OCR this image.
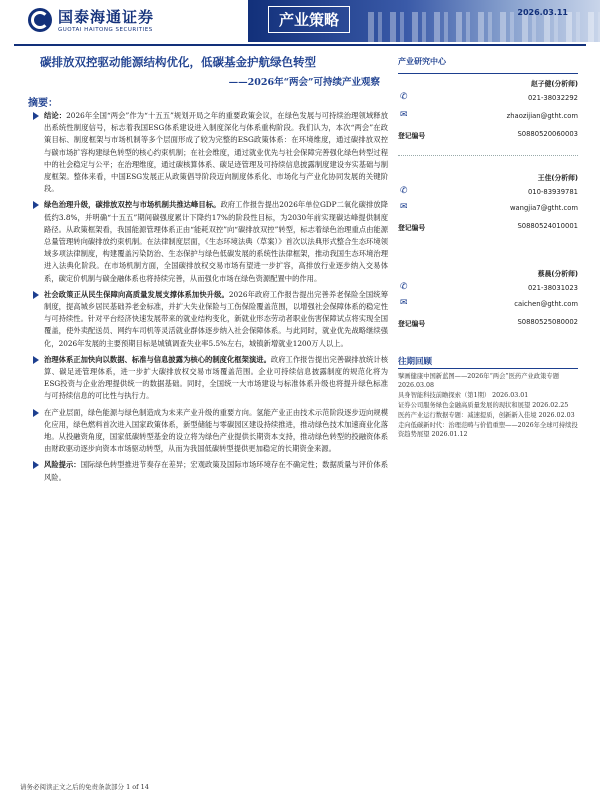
国泰海通证券
GUOTAI HAITONG SECURITIES
产业策略	2026.03.11
碳排放双控驱动能源结构优化，低碳基金护航绿色转型
——2026年“两会”可持续产业观察
摘要：
结论：2026年全国“两会”作为“十五五”规划开局之年的重要政策会议，在绿色发展与可持续治理领域释放出系统性制度信号，标志着我国ESG体系建设进入制度深化与体系重构阶段。我们认为，本次“两会”在政策目标、制度框架与市场机制等多个层面形成了较为完整的ESG政策体系：在环境维度，通过碳排放双控与碳市场扩容构建绿色转型的核心约束机制；在社会维度，通过就业优先与社会保障完善强化绿色转型过程中的社会稳定与公平；在治理维度，通过碳核算体系、碳足迹管理及可持续信息披露制度建设夯实基础与制度框架。整体来看，中国ESG发展正从政策倡导阶段迈向制度体系化、市场化与产业化协同发展的关键阶段。
绿色治理升级，碳排放双控与市场机制共推达峰目标。政府工作报告提出2026年单位GDP二氧化碳排放降低约3.8%，并明确“十五五”期间碳强度累计下降约17%的阶段性目标，为2030年前实现碳达峰提供制度路径。从政策框架看，我国能源管理体系正由“能耗双控”向“碳排放双控”转型，标志着绿色治理重点由能源总量管理转向碳排放约束机制。在法律制度层面，《生态环境法典（草案）》首次以法典形式整合生态环境领域多项法律制度，构建覆盖污染防治、生态保护与绿色低碳发展的系统性法律框架，推动我国生态环境治理进入法典化阶段。在市场机制方面，全国碳排放权交易市场有望进一步扩容，高排放行业逐步纳入交易体系，碳定价机制与碳金融体系也将持续完善，从而强化市场在绿色资源配置中的作用。
社会政策正从民生保障向高质量发展支撑体系加快升级。2026年政府工作报告提出完善养老保险全国统筹制度，提高城乡居民基础养老金标准，并扩大失业保险与工伤保险覆盖范围，以增强社会保障体系的稳定性与可持续性。针对平台经济快速发展带来的就业结构变化，新就业形态劳动者职业伤害保障试点将实现全国覆盖，使外卖配送员、网约车司机等灵活就业群体逐步纳入社会保障体系。与此同时，就业优先战略继续强化，2026年发展的主要预期目标是城镇调查失业率5.5%左右，城镇新增就业1200万人以上。
治理体系正加快向以数据、标准与信息披露为核心的制度化框架演进。政府工作报告提出完善碳排放统计核算、碳足迹管理体系，进一步扩大碳排放权交易市场覆盖范围。企业可持续信息披露制度的规范化将为ESG投资与企业治理提供统一的数据基础。同时，全国统一大市场建设与标准体系升级也将提升绿色标准与可持续信息的可比性与执行力。
在产业层面，绿色能源与绿色制造成为未来产业升级的重要方向。氢能产业正由技术示范阶段逐步迈向规模化应用，绿色燃料首次进入国家政策体系，新型储能与零碳园区建设持续推进，推动绿色技术加速商业化落地。从投融资角度，国家低碳转型基金的设立将为绿色产业提供长期资本支持，推动绿色转型的投融资体系由财政驱动逐步向资本市场驱动转型，从而为我国低碳转型提供更加稳定的长期资金来源。
风险提示：国际绿色转型推进节奏存在差异；宏观政策及国际市场环境存在不确定性；数据质量与评价体系风险。
产业研究中心
赵子健(分析师)
021-38032292
✆
zhaozijian@gtht.com
✉
登记编号	S0880520060003
王佳(分析师)
010-83939781
✆
wangjia7@gtht.com
✉
登记编号	S0880524010001
蔡晨(分析师)
021-38031023
✆
caichen@gtht.com
✉
登记编号	S0880525080002
往期回顾
擘画健康中国新蓝图——2026年“两会”医药产业政策专题 2026.03.08
具身智能科技前瞻探索（第1期） 2026.03.01
证券公司服务绿色金融高质量发展的现状和展望 2026.02.25
医药产业运行数据专题：减速提质，创新新入佳境 2026.02.03
走向低碳新时代：治理范畴与价值重塑——2026年全球可持续投资趋势展望 2026.01.12
请务必阅读正文之后的免责条款部分 1 of 14
